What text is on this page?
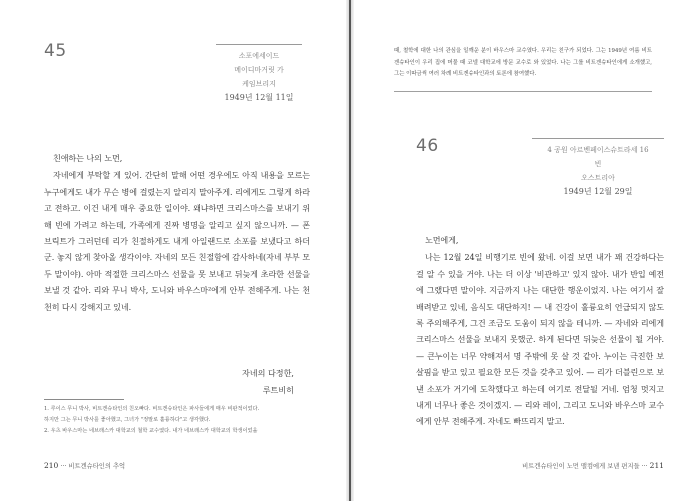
45	소포에세이드
메이디마거릿 가
케임브리지
1949년 12월 11일

친애하는 나의 노먼,

자네에게 부탁할 게 있어. 간단히 말해 어떤 경우에도 아직 내용을 모르는 누구에게도 내가 무슨 병에 걸렸는지 알리지 말아주게. 리에게도 그렇게 하라고 전하고. 이건 내게 매우 중요한 일이야. 왜냐하면 크리스마스를 보내기 위해 빈에 가려고 하는데, 가족에게 진짜 병명을 알리고 싶지 않으니까. — 폰 브릭트가 그러던데 리가 친절하게도 내게 아일랜드로 소포를 보냈다고 하더군. 놓지 않게 찾아올 생각이야. 자네의 모든 친절함에 감사하네(자네 부부 모두 말이야). 아마 적절한 크리스마스 선물을 못 보내고 뒤늦게 초라한 선물을 보낼 것 같아. 리와 무니 박사, 도니와 바우스마²에게 안부 전해주게. 나는 천천히 다시 강해지고 있네.

자네의 다정한,
루트비히
1. 루이스 무니 박사, 비트겐슈타인의 친오빠다. 비트겐슈타인은 파사들에게 매우 비판적이었다.
하지만 그는 무니 박사를 좋아했고, 그녀가 "정말로 훌륭하다"고 생각했다.
2. 우츠 바우스마는 네브래스카 대학교의 철학 교수였다. 내가 네브래스카 대학교의 학생이었을
210 ··· 비트겐슈타인의 추억
때, 철학에 대한 나의 관심을 일깨운 분이 바우스마 교수였다. 우리는 친구가 되었다. 그는 1949년 여름 비트겐슈타인이 우리 집에 머물 때 코넬 대학교에 방문 교수로 와 있었다. 나는 그를 비트겐슈타인에게 소개했고, 그는 이따금씩 여러 차례 비트겐슈타인과의 토론에 참여했다.
46	4 공원 아르벤페이스슈트라세 16
빈
오스트리아
1949년 12월 29일

노먼에게,

나는 12월 24일 비행기로 빈에 왔네. 이걸 보면 내가 꽤 건강하다는 걸 알 수 있을 거야. 나는 더 이상 '비관하고' 있지 않아. 내가 반입 예전에 그랬다면 말이야. 지금까지 나는 대단한 행운이었지. 나는 여기서 잘 배려받고 있네, 음식도 대단하지! — 내 건강이 훌륭요히 언급되지 않도록 주의해주게, 그건 조금도 도움이 되지 않을 테니까. — 자네와 리에게 크리스마스 선물을 보내지 못했군. 하게 된다면 뒤늦은 선물이 될 거야. — 큰누이는 너무 약해져서 명 주밖에 못 살 것 같아. 누이는 극진한 보살핌을 받고 있고 필요한 모든 것을 갖추고 있어. — 리가 더블린으로 보낸 소포가 거기에 도착했다고 하는데 여기로 전달될 거네. 엄청 멋지고 내게 너무나 좋은 것이겠지. — 리와 레이, 그리고 도니와 바우스마 교수에게 안부 전해주게. 자네도 빠뜨리지 말고.

비트겐슈타인이 노먼 맬컴에게 보낸 편지들 ··· 211
